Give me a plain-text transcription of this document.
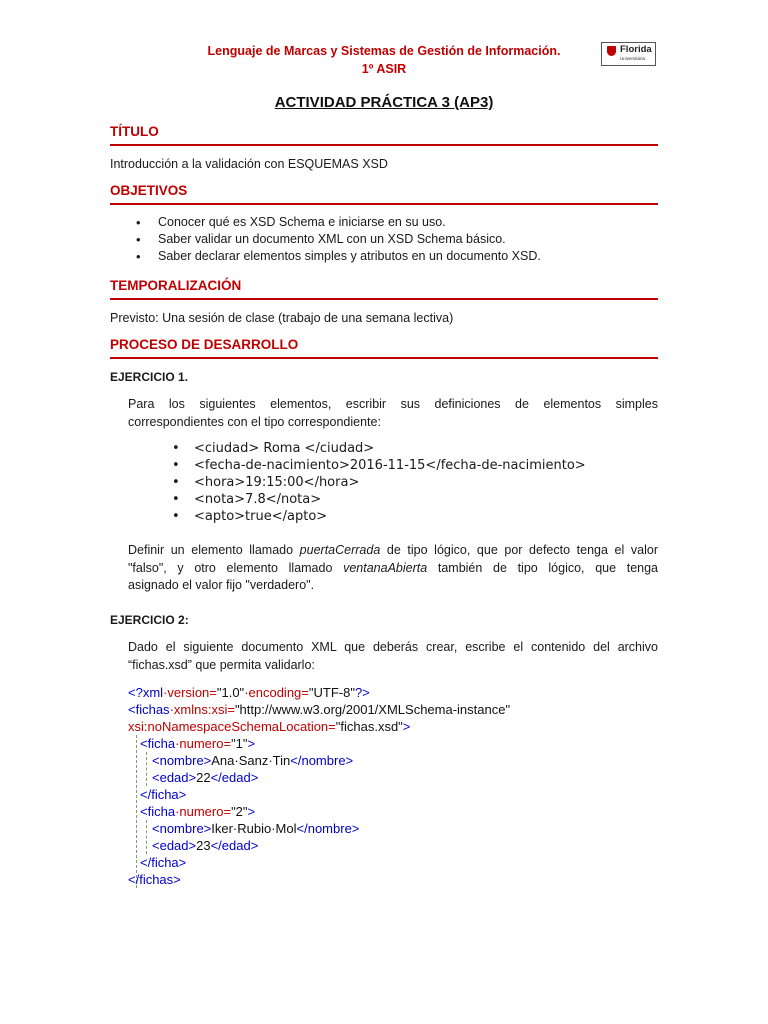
Lenguaje de Marcas y Sistemas de Gestión de Información.
1º ASIR
Florida
Universitària
ACTIVIDAD PRÁCTICA 3 (AP3)
TÍTULO
Introducción a la validación con ESQUEMAS XSD
OBJETIVOS
• Conocer qué es XSD Schema e iniciarse en su uso.
• Saber validar un documento XML con un XSD Schema básico.
• Saber declarar elementos simples y atributos en un documento XSD.
TEMPORALIZACIÓN
Previsto: Una sesión de clase (trabajo de una semana lectiva)
PROCESO DE DESARROLLO
EJERCICIO 1.
Para los siguientes elementos, escribir sus definiciones de elementos simples
correspondientes con el tipo correspondiente:
• <ciudad> Roma </ciudad>
• <fecha-de-nacimiento>2016-11-15</fecha-de-nacimiento>
• <hora>19:15:00</hora>
• <nota>7.8</nota>
• <apto>true</apto>
Definir un elemento llamado puertaCerrada de tipo lógico, que por defecto tenga el valor
"falso", y otro elemento llamado ventanaAbierta también de tipo lógico, que tenga
asignado el valor fijo "verdadero".
EJERCICIO 2:
Dado el siguiente documento XML que deberás crear, escribe el contenido del archivo
“fichas.xsd” que permita validarlo:
<?xml·version="1.0"·encoding="UTF-8"?>
<fichas·xmlns:xsi="http://www.w3.org/2001/XMLSchema-instance"
xsi:noNamespaceSchemaLocation="fichas.xsd">
<ficha·numero="1">
<nombre>Ana·Sanz·Tin</nombre>
<edad>22</edad>
</ficha>
<ficha·numero="2">
<nombre>Iker·Rubio·Mol</nombre>
<edad>23</edad>
</ficha>
</fichas>
